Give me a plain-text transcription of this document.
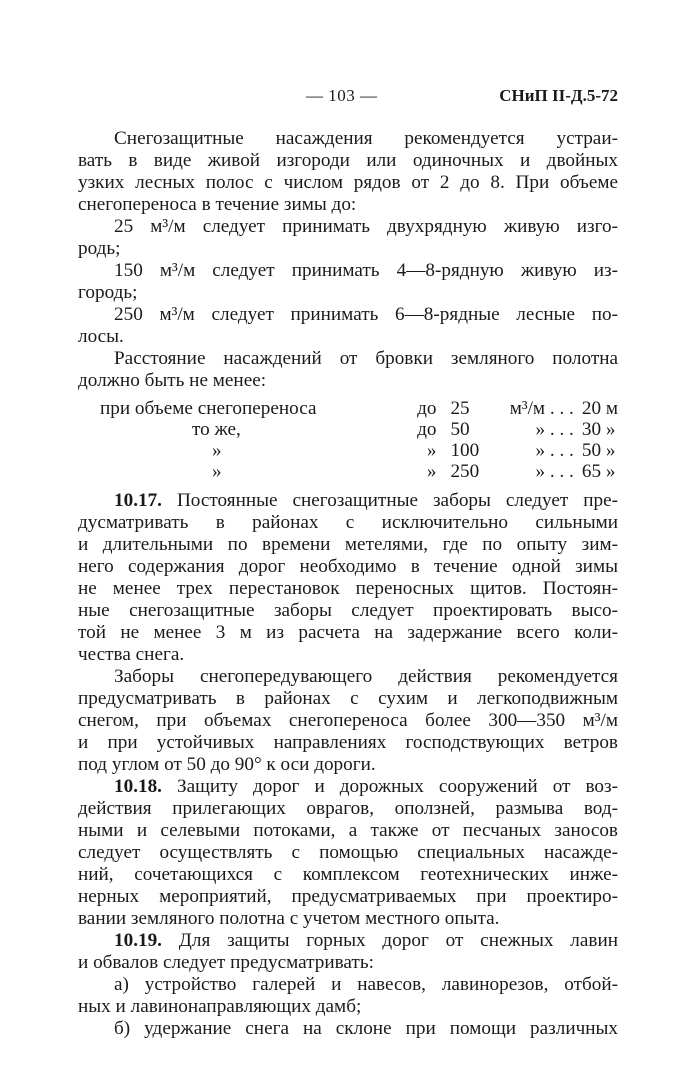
— 103 —	СНиП II-Д.5-72

Снегозащитные насаждения рекомендуется устраи-
вать в виде живой изгороди или одиночных и двойных
узких лесных полос с числом рядов от 2 до 8. При объеме
снегопереноса в течение зимы до:

25 м³/м следует принимать двухрядную живую изго-
родь;

150 м³/м следует принимать 4—8-рядную живую из-
городь;

250 м³/м следует принимать 6—8-рядные лесные по-
лосы.

Расстояние насаждений от бровки земляного полотна
должно быть не менее:

при объеме снегопереноса	до	25	м³/м . . .	20 м
то же,	до	50	» . . .	30 »
»	»	100	» . . .	50 »
»	»	250	» . . .	65 »

10.17. Постоянные снегозащитные заборы следует пре-
дусматривать в районах с исключительно сильными
и длительными по времени метелями, где по опыту зим-
него содержания дорог необходимо в течение одной зимы
не менее трех перестановок переносных щитов. Постоян-
ные снегозащитные заборы следует проектировать высо-
той не менее 3 м из расчета на задержание всего коли-
чества снега.

Заборы снегопередувающего действия рекомендуется
предусматривать в районах с сухим и легкоподвижным
снегом, при объемах снегопереноса более 300—350 м³/м
и при устойчивых направлениях господствующих ветров
под углом от 50 до 90° к оси дороги.

10.18. Защиту дорог и дорожных сооружений от воз-
действия прилегающих оврагов, оползней, размыва вод-
ными и селевыми потоками, а также от песчаных заносов
следует осуществлять с помощью специальных насажде-
ний, сочетающихся с комплексом геотехнических инже-
нерных мероприятий, предусматриваемых при проектиро-
вании земляного полотна с учетом местного опыта.

10.19. Для защиты горных дорог от снежных лавин
и обвалов следует предусматривать:

а) устройство галерей и навесов, лавинорезов, отбой-
ных и лавинонаправляющих дамб;

б) удержание снега на склоне при помощи различных
